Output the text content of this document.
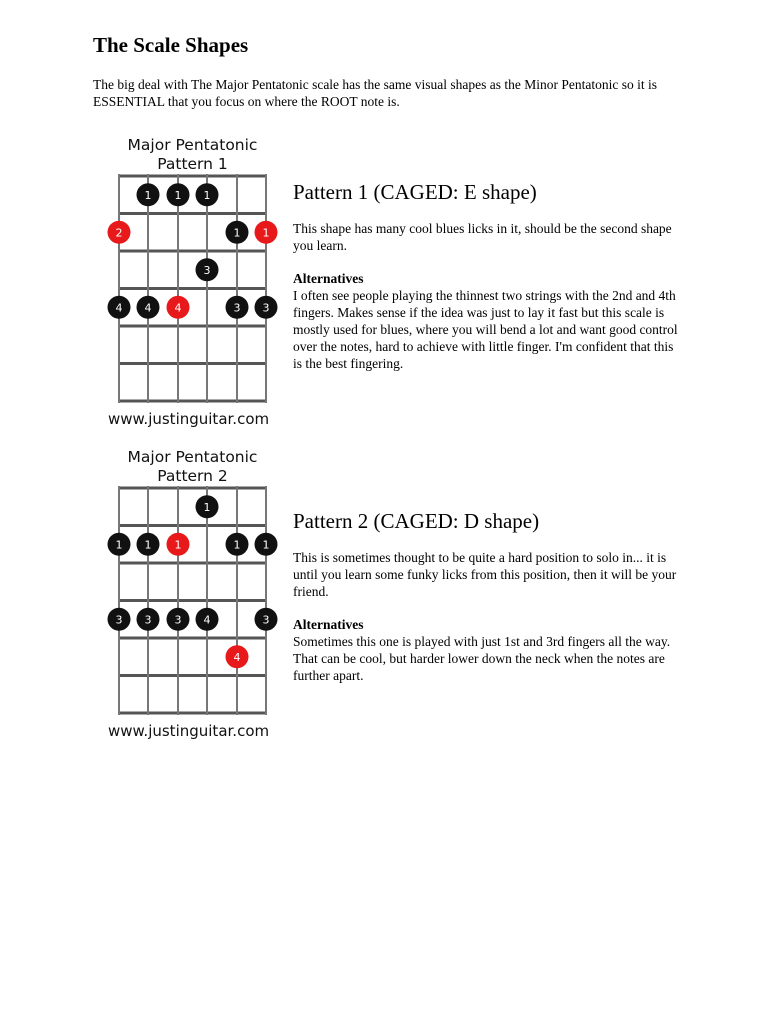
The Scale Shapes

The big deal with The Major Pentatonic scale has the same visual shapes as the Minor Pentatonic so it is ESSENTIAL that you focus on where the ROOT note is.

Major Pentatonic
Pattern 1
1 1 1
2	1 1
3
4 4 4	3 3
www.justinguitar.com
Major Pentatonic
Pattern 2
1
1 1 1	1 1
3 3 3 4	3
4
www.justinguitar.com
Pattern 1 (CAGED: E shape)

This shape has many cool blues licks in it, should be the second shape you learn.

Alternatives

I often see people playing the thinnest two strings with the 2nd and 4th fingers. Makes sense if the idea was just to lay it fast but this scale is mostly used for blues, where you will bend a lot and want good control over the notes, hard to achieve with little finger. I'm confident that this is the best fingering.

Pattern 2 (CAGED: D shape)

This is sometimes thought to be quite a hard position to solo in... it is until you learn some funky licks from this position, then it will be your friend.

Alternatives

Sometimes this one is played with just 1st and 3rd fingers all the way. That can be cool, but harder lower down the neck when the notes are further apart.
